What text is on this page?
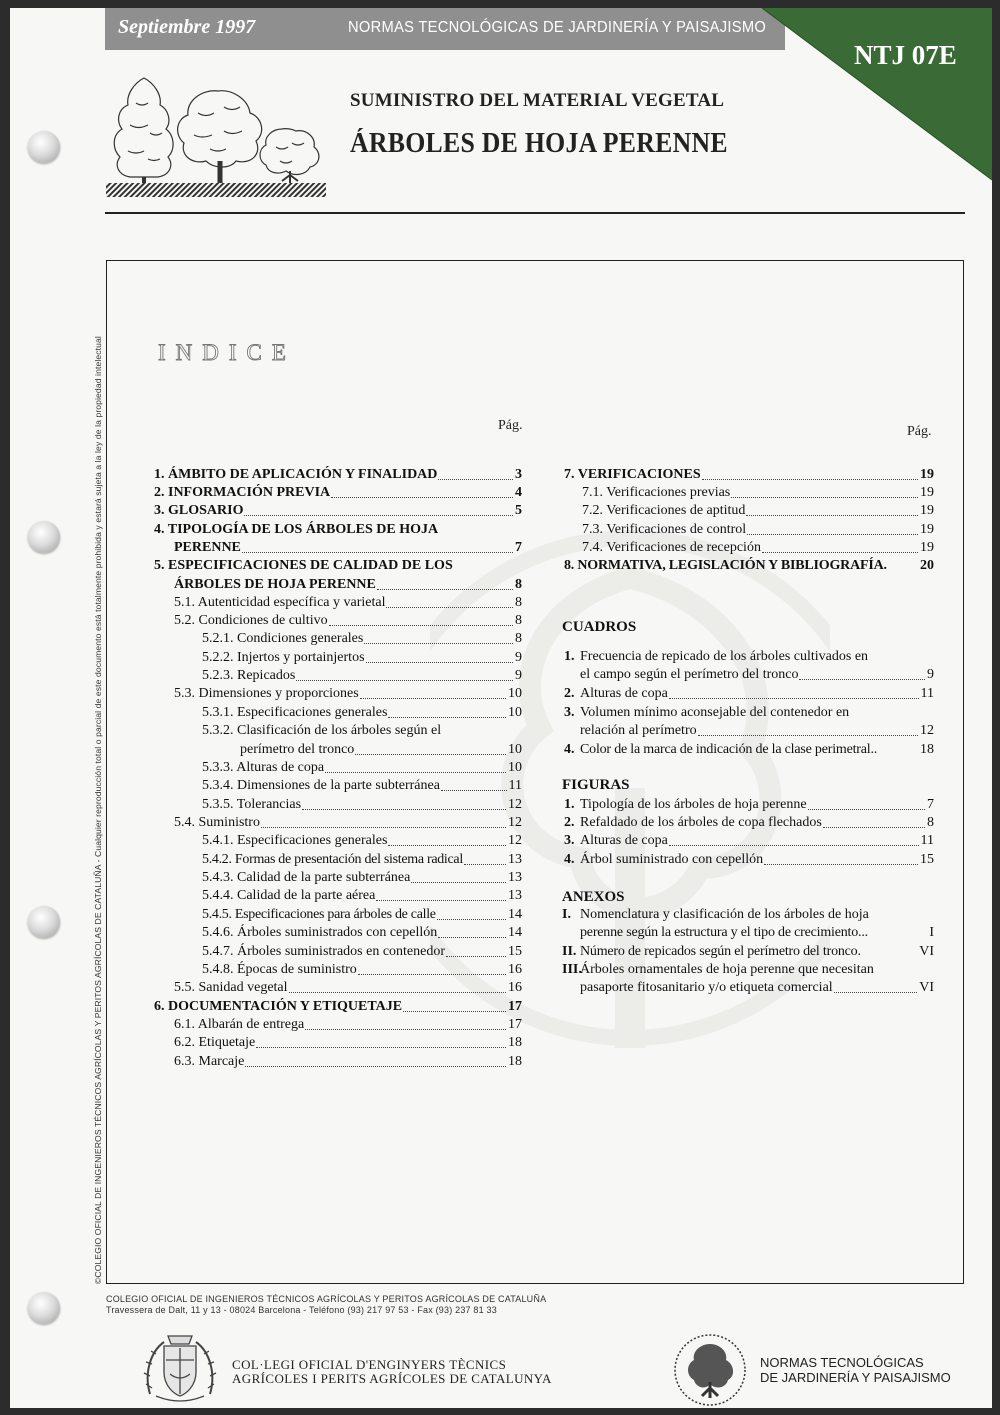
Septiembre 1997	NORMAS TECNOLÓGICAS DE JARDINERÍA Y PAISAJISMO
NTJ 07E
SUMINISTRO DEL MATERIAL VEGETAL
ÁRBOLES DE HOJA PERENNE
©COLEGIO OFICIAL DE INGENIEROS TÉCNICOS AGRÍCOLAS Y PERITOS AGRÍCOLAS DE CATALUÑA - Cualquier reproducción total o parcial de este documento está totalmente prohibida y estará sujeta a la ley de la propiedad intelectual INDICE
Pág.	Pág.
1. ÁMBITO DE APLICACIÓN Y FINALIDAD	3
2. INFORMACIÓN PREVIA	4
3. GLOSARIO	5
4. TIPOLOGÍA DE LOS ÁRBOLES DE HOJA
PERENNE	7
5. ESPECIFICACIONES DE CALIDAD DE LOS
ÁRBOLES DE HOJA PERENNE	8
5.1. Autenticidad específica y varietal	8
5.2. Condiciones de cultivo	8
5.2.1. Condiciones generales	8
5.2.2. Injertos y portainjertos	9
5.2.3. Repicados	9
5.3. Dimensiones y proporciones	10
5.3.1. Especificaciones generales	10
5.3.2. Clasificación de los árboles según el
perímetro del tronco	10
5.3.3. Alturas de copa	10
5.3.4. Dimensiones de la parte subterránea	11
5.3.5. Tolerancias	12
5.4. Suministro	12
5.4.1. Especificaciones generales	12
5.4.2. Formas de presentación del sistema radical	13
5.4.3. Calidad de la parte subterránea	13
5.4.4. Calidad de la parte aérea	13
5.4.5. Especificaciones para árboles de calle	14
5.4.6. Árboles suministrados con cepellón	14
5.4.7. Árboles suministrados en contenedor	15
5.4.8. Épocas de suministro	16
5.5. Sanidad vegetal	16
6. DOCUMENTACIÓN Y ETIQUETAJE	17
6.1. Albarán de entrega	17
6.2. Etiquetaje	18
6.3. Marcaje	18
7. VERIFICACIONES	19
7.1. Verificaciones previas	19
7.2. Verificaciones de aptitud	19
7.3. Verificaciones de control	19
7.4. Verificaciones de recepción	19
8. NORMATIVA, LEGISLACIÓN Y BIBLIOGRAFÍA. 20
CUADROS
1. Frecuencia de repicado de los árboles cultivados en
el campo según el perímetro del tronco	9
2. Alturas de copa	11
3. Volumen mínimo aconsejable del contenedor en
relación al perímetro	12
4. Color de la marca de indicación de la clase perimetral..	18
FIGURAS
1. Tipología de los árboles de hoja perenne	7
2. Refaldado de los árboles de copa flechados	8
3. Alturas de copa	11
4. Árbol suministrado con cepellón	15
ANEXOS
I. Nomenclatura y clasificación de los árboles de hoja
perenne según la estructura y el tipo de crecimiento...	I
II. Número de repicados según el perímetro del tronco.	VI
III.
Árboles ornamentales de hoja perenne que necesitan
pasaporte fitosanitario y/o etiqueta comercial	VI
COLEGIO OFICIAL DE INGENIEROS TÉCNICOS AGRÍCOLAS Y PERITOS AGRÍCOLAS DE CATALUÑA
Travessera de Dalt, 11 y 13 - 08024 Barcelona - Teléfono (93) 217 97 53 - Fax (93) 237 81 33
COL·LEGI OFICIAL D'ENGINYERS TÈCNICS
AGRÍCOLES I PERITS AGRÍCOLES DE CATALUNYA
NORMAS TECNOLÓGICAS
DE JARDINERÍA Y PAISAJISMO
